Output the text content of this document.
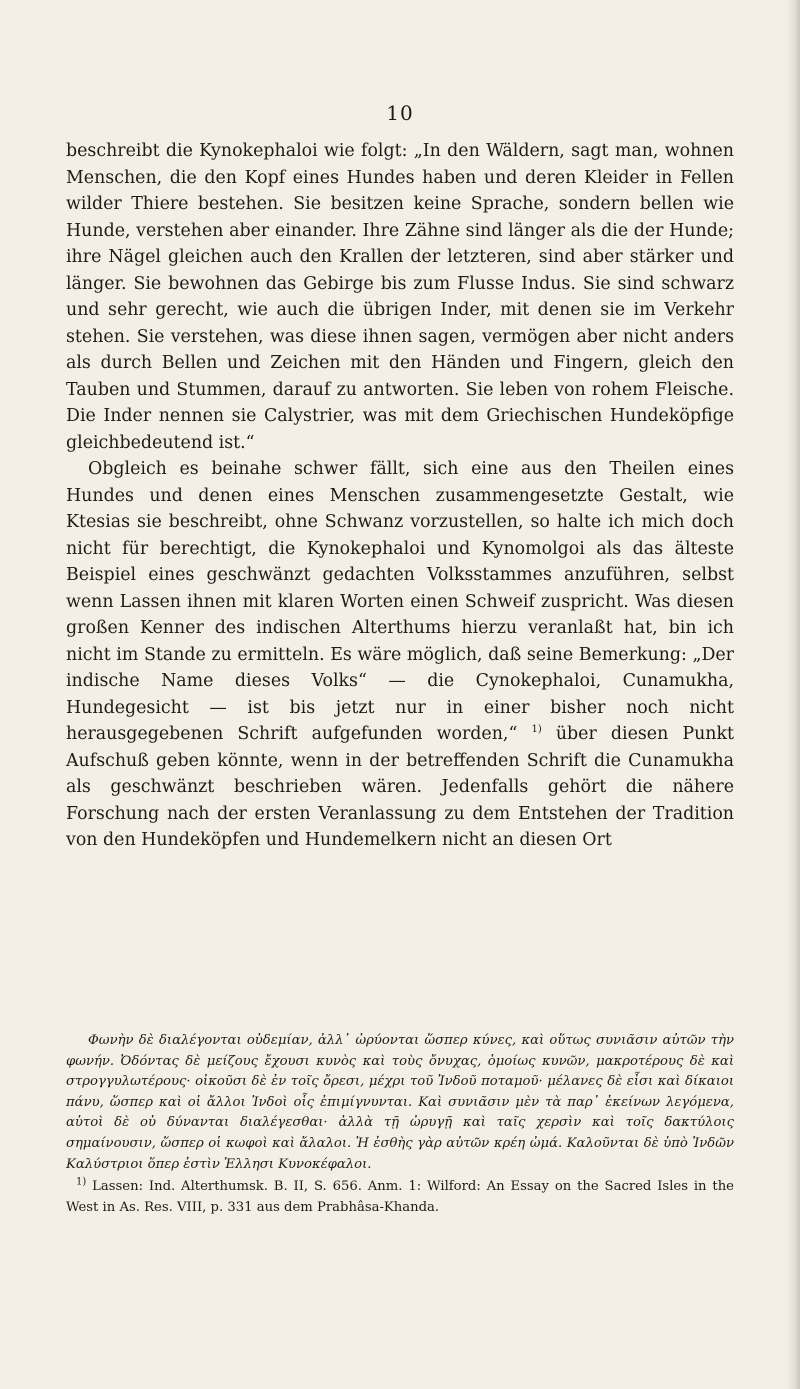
10

beschreibt die Kynokephaloi wie folgt: „In den Wäldern, sagt man, wohnen Menschen, die den Kopf eines Hundes haben und deren Kleider in Fellen wilder Thiere bestehen. Sie besitzen keine Sprache, sondern bellen wie Hunde, verstehen aber einander. Ihre Zähne sind länger als die der Hunde; ihre Nägel gleichen auch den Krallen der letzteren, sind aber stärker und länger. Sie bewohnen das Gebirge bis zum Flusse Indus. Sie sind schwarz und sehr gerecht, wie auch die übrigen Inder, mit denen sie im Verkehr stehen. Sie verstehen, was diese ihnen sagen, vermögen aber nicht anders als durch Bellen und Zeichen mit den Händen und Fingern, gleich den Tauben und Stummen, darauf zu antworten. Sie leben von rohem Fleische. Die Inder nennen sie Calystrier, was mit dem Griechischen Hundeköpfige gleichbedeutend ist.“

Obgleich es beinahe schwer fällt, sich eine aus den Theilen eines Hundes und denen eines Menschen zusammengesetzte Gestalt, wie Ktesias sie beschreibt, ohne Schwanz vorzustellen, so halte ich mich doch nicht für berechtigt, die Kynokephaloi und Kynomolgoi als das älteste Beispiel eines geschwänzt gedachten Volksstammes anzuführen, selbst wenn Lassen ihnen mit klaren Worten einen Schweif zuspricht. Was diesen großen Kenner des indischen Alterthums hierzu veranlaßt hat, bin ich nicht im Stande zu ermitteln. Es wäre möglich, daß seine Bemerkung: „Der indische Name dieses Volks“ — die Cynokephaloi, Cunamukha, Hundegesicht — ist bis jetzt nur in einer bisher noch nicht herausgegebenen Schrift aufgefunden worden,“ $^{1)}$ über diesen Punkt Aufschuß geben könnte, wenn in der betreffenden Schrift die Cunamukha als geschwänzt beschrieben wären. Jedenfalls gehört die nähere Forschung nach der ersten Veranlassung zu dem Entstehen der Tradition von den Hundeköpfen und Hundemelkern nicht an diesen Ort

Φωνὴν δὲ διαλέγονται οὐδεμίαν, ἀλλ᾽ ὠρύονται ὥσπερ κύνες, καὶ οὕτως συνιᾶσιν αὐτῶν τὴν φωνήν. Ὀδόντας δὲ μείζους ἔχουσι κυνὸς καὶ τοὺς ὄνυχας, ὁμοίως κυνῶν, μακροτέρους δὲ καὶ στρογγυλωτέρους· οἰκοῦσι δὲ ἐν τοῖς ὄρεσι, μέχρι τοῦ Ἰνδοῦ ποταμοῦ· μέλανες δὲ εἶσι καὶ δίκαιοι πάνυ, ὥσπερ καὶ οἱ ἄλλοι Ἰνδοὶ οἷς ἐπιμίγνυνται. Καὶ συνιᾶσιν μὲν τὰ παρ᾽ ἐκείνων λεγόμενα, αὐτοὶ δὲ οὐ δύνανται διαλέγεσθαι· ἀλλὰ τῇ ὠρυγῇ καὶ ταῖς χερσὶν καὶ τοῖς δακτύλοις σημαίνουσιν, ὥσπερ οἱ κωφοὶ καὶ ἄλαλοι. Ἡ ἐσθὴς γὰρ αὐτῶν κρέη ὠμά. Καλοῦνται δὲ ὑπὸ Ἰνδῶν Καλύστριοι ὅπερ ἐστὶν Ἑλλησι Κυνοκέφαλοι.

$^{1)}$ Lassen: Ind. Alterthumsk. B. II, S. 656. Anm. 1: Wilford: An Essay on the Sacred Isles in the West in As. Res. VIII, p. 331 aus dem Prabhâsa-Khanda.
